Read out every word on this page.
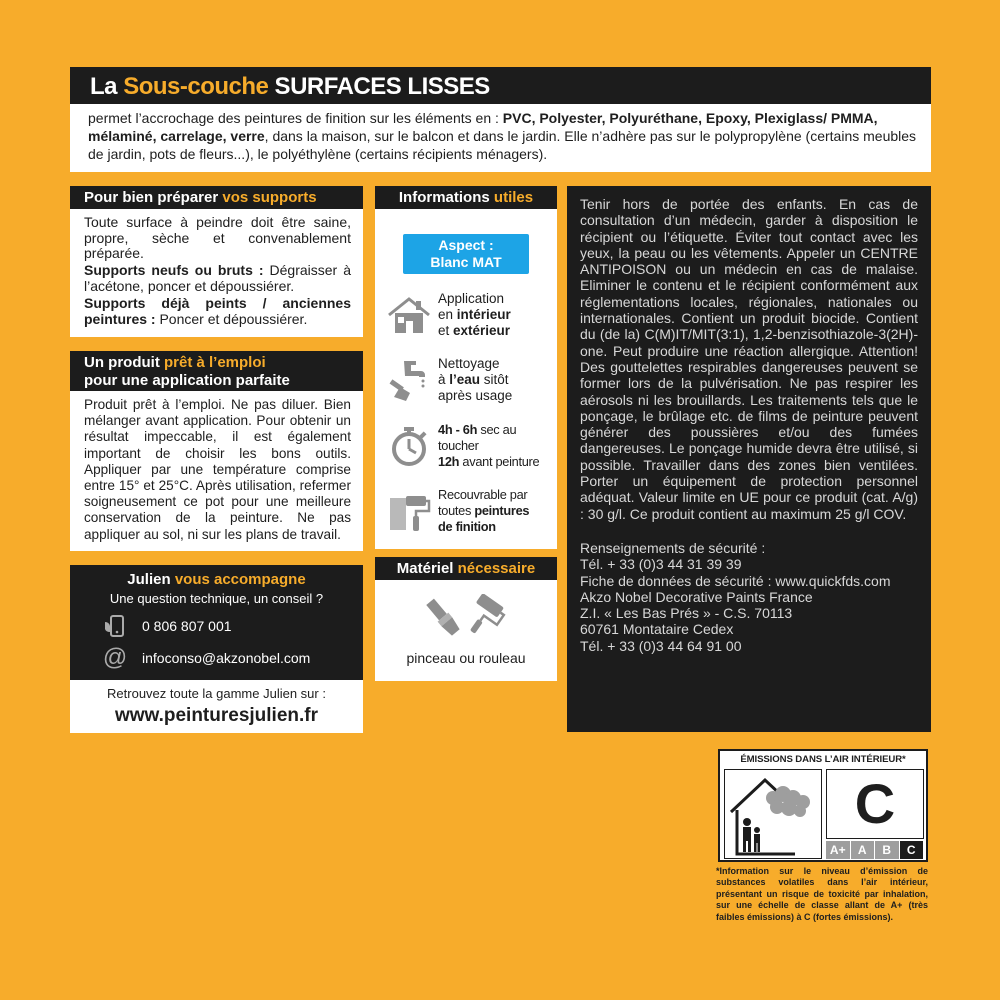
La Sous-couche SURFACES LISSES
permet l’accrochage des peintures de finition sur les éléments en : PVC, Polyester, Polyuréthane, Epoxy, Plexiglass/ PMMA, mélaminé, carrelage, verre, dans la maison, sur le balcon et dans le jardin. Elle n’adhère pas sur le polypropylène (certains meubles de jardin, pots de fleurs...), le polyéthylène (certains récipients ménagers).
Pour bien préparer vos supports
Toute surface à peindre doit être saine, propre, sèche et convenablement préparée.
Supports neufs ou bruts : Dégraisser à l’acétone, poncer et dépoussiérer.
Supports déjà peints / anciennes peintures : Poncer et dépoussiérer.
Un produit prêt à l’emploi
pour une application parfaite
Produit prêt à l’emploi. Ne pas diluer. Bien mélanger avant application. Pour obtenir un résultat impeccable, il est également important de choisir les bons outils. Appliquer par une température comprise entre 15° et 25°C. Après utilisation, refermer soigneusement ce pot pour une meilleure conservation de la peinture. Ne pas appliquer au sol, ni sur les plans de travail.
Julien vous accompagne
Une question technique, un conseil ?
0 806 807 001
@ infoconso@akzonobel.com
Retrouvez toute la gamme Julien sur :
www.peinturesjulien.fr
Informations utiles
Aspect :
Blanc MAT
Application
en intérieur
et extérieur
Nettoyage
à l’eau sitôt
après usage
4h - 6h sec au
toucher
12h avant peinture
Recouvrable par
toutes peintures
de finition
Matériel nécessaire
pinceau ou rouleau
Tenir hors de portée des enfants. En cas de consultation d’un médecin, garder à disposition le récipient ou l’étiquette. Éviter tout contact avec les yeux, la peau ou les vêtements. Appeler un CENTRE ANTIPOISON ou un médecin en cas de malaise. Eliminer le contenu et le récipient conformément aux réglementations locales, régionales, nationales ou internationales. Contient un produit biocide. Contient du (de la) C(M)IT/MIT(3:1), 1,2-benzisothiazole-3(2H)-one. Peut produire une réaction allergique. Attention! Des gouttelettes respirables dangereuses peuvent se former lors de la pulvérisation. Ne pas respirer les aérosols ni les brouillards. Les traitements tels que le ponçage, le brûlage etc. de films de peinture peuvent générer des poussières et/ou des fumées dangereuses. Le ponçage humide devra être utilisé, si possible. Travailler dans des zones bien ventilées. Porter un équipement de protection personnel adéquat. Valeur limite en UE pour ce produit (cat. A/g) : 30 g/l. Ce produit contient au maximum 25 g/l COV.
Renseignements de sécurité :
Tél. + 33 (0)3 44 31 39 39
Fiche de données de sécurité : www.quickfds.com
Akzo Nobel Decorative Paints France
Z.I. « Les Bas Prés » - C.S. 70113
60761 Montataire Cedex
Tél. + 33 (0)3 44 64 91 00
ÉMISSIONS DANS L’AIR INTÉRIEUR*
C
A+	A	B	C
*Information sur le niveau d’émission de substances volatiles dans l’air intérieur, présentant un risque de toxicité par inhalation, sur une échelle de classe allant de A+ (très faibles émissions) à C (fortes émissions).
